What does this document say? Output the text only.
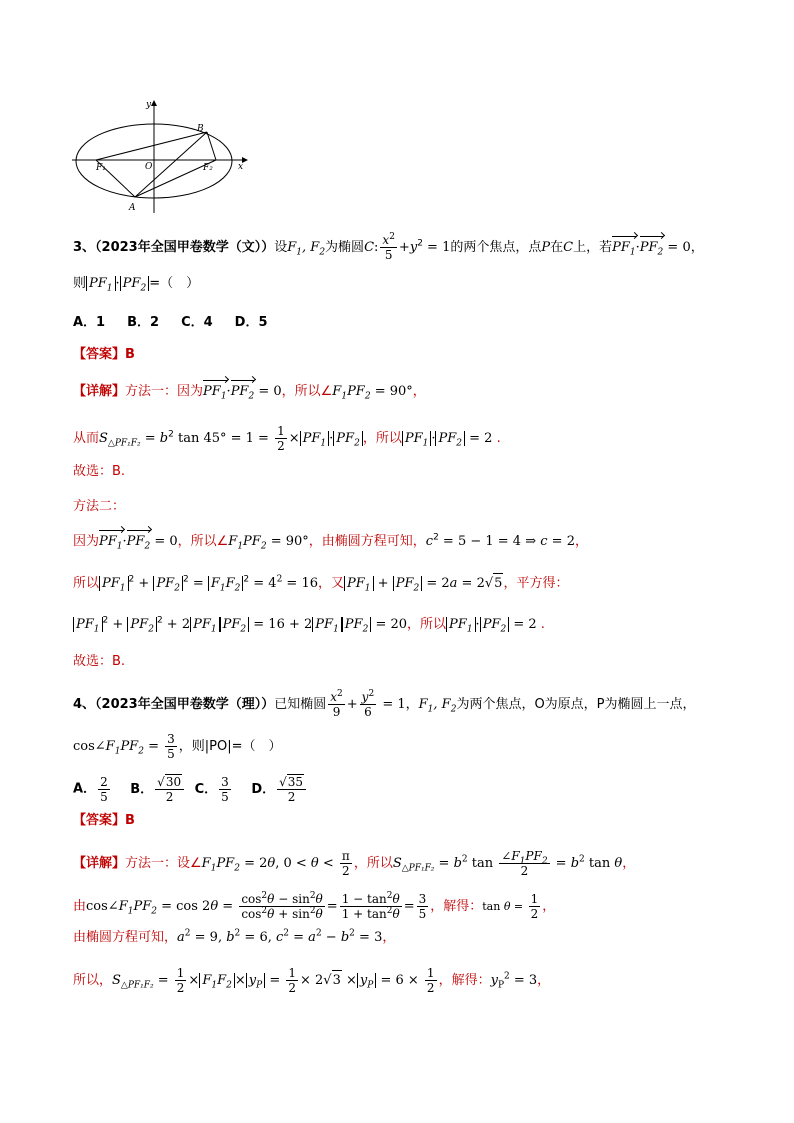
y
x
B
O
F₁	F₂
A
3、（2023年全国甲卷数学（文））设$F_1$, $F_2$为椭圆C: $\frac{x^2}{5} +y^2 = 1$的两个焦点，点P在C上，若$PF_1\cdot PF_2 = 0$，
则 $PF_1 \cdot PF_2$ =（　）
A．1 B．2 C．4 D．5
【答案】B
【详解】方法一：因为$PF_1\cdot PF_2 = 0$，所以$\angle F_1PF_2 = 90^\circ$，
从而$S_{\triangle PF_1F_2} = b^2$ $\tan 45^\circ = 1 = \frac{1}{2} \times PF_1 \cdot PF_2$ ，所以 $PF_1 \cdot PF_2 = 2$ .
故选：B.
方法二：
因为$PF_1\cdot PF_2 = 0$，所以$\angle F_1PF_2 = 90^\circ$，由椭圆方程可知，$c^2 = 5 - 1 = 4$ ⇒ c = 2，
所以 $PF_1^2 + PF_2^2 = F_1F_2^2 = 4^2 = 16$，又 $PF_1 + PF_2 = 2a = 2√5$，平方得：
$PF_1^2 + PF_2^2 + 2$ $PF_1$ $PF_2 = 16 + 2$ $PF_1$ $PF_2 = 20$，所以 $PF_1 \cdot PF_2 = 2$ .
故选：B.
4、（2023年全国甲卷数学（理））已知椭圆 $\frac{x^2}{9} + \frac{y^2}{6} = 1$，$F_1$, $F_2$为两个焦点，O为原点，P为椭圆上一点，
$\cos\angle F_1PF_2 = \frac{3}{5}$ ，则|PO|=（　）
A． $\frac{2}{5}$ B． $\frac{√30}{2}$ C． $\frac{3}{5}$ D． $\frac{√35}{2}$
【答案】B
【详解】方法一：设$\angle F_1PF_2 = 2\theta$, $0 < \theta < \frac{\pi}{2}$ ，所以$S_{\triangle PF_1F_2} = b^2$ $\tan \frac{\angle F_1PF_2}{2} = b^2$ tan θ，
由$\cos\angle F_1PF_2 = \cos 2\theta = \frac{\cos^2\theta - \sin^2\theta}{\cos^2\theta + \sin^2\theta} = \frac{1 - \tan^2\theta}{1 + \tan^2\theta} = \frac{3}{5}$ ，解得：$\tan \theta = \frac{1}{2}$ ，
由椭圆方程可知，$a^2 = 9$, $b^2 = 6$, $c^2 = a^2 - b^2 = 3$，
所以，$S_{\triangle PF_1F_2} = \frac{1}{2} \times F_1F_2 \times y_P = \frac{1}{2} \times 2√3 \times y_P = 6 \times \frac{1}{2}$ ，解得：$y_P^2 = 3$，
